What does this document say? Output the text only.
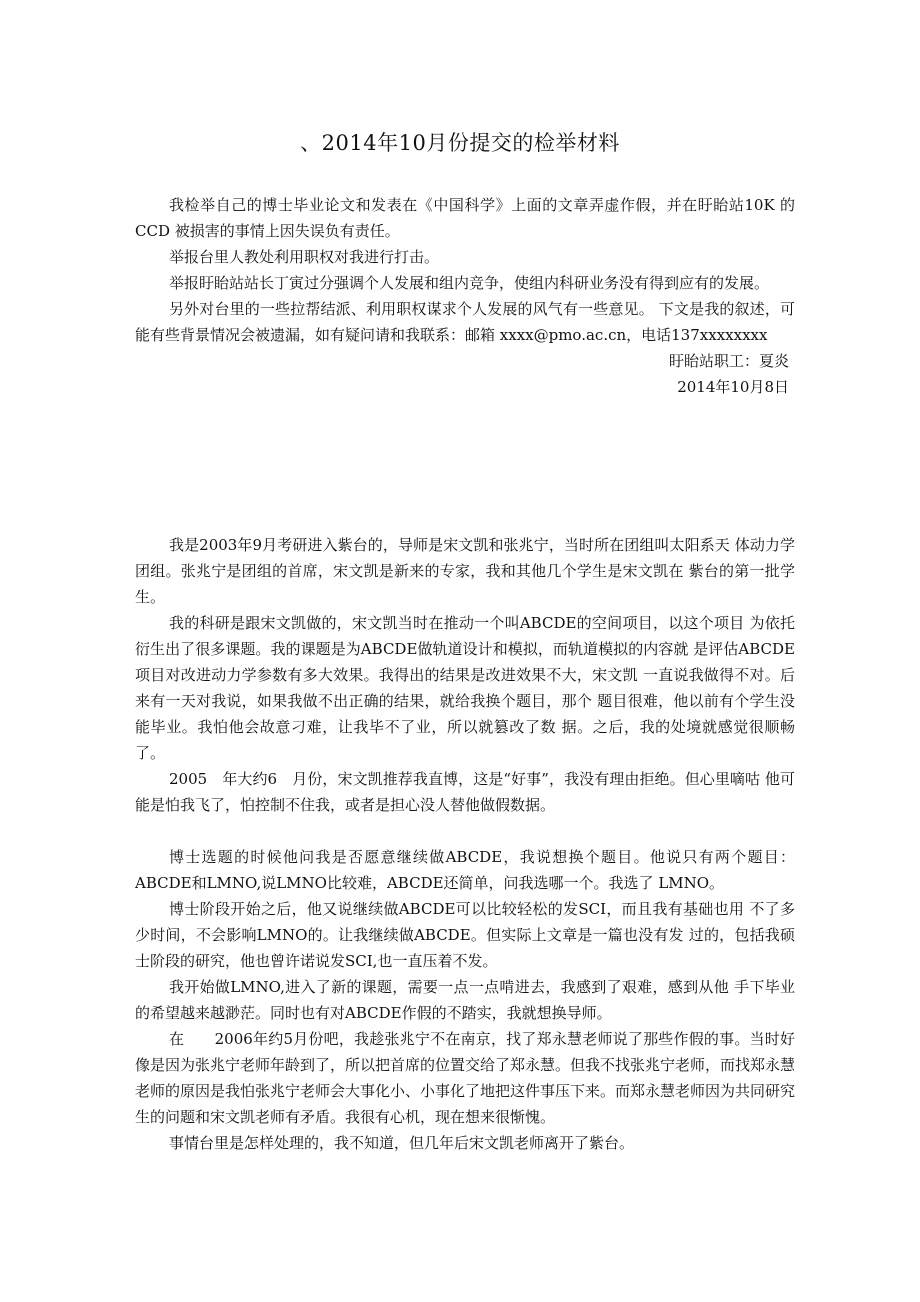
、2014年10月份提交的检举材料

我检举自己的博士毕业论文和发表在《中国科学》上面的文章弄虚作假，并在盱眙站10K 的 CCD 被损害的事情上因失误负有责任。

举报台里人教处利用职权对我进行打击。

举报盱眙站站长丁寅过分强调个人发展和组内竞争，使组内科研业务没有得到应有的发展。

另外对台里的一些拉帮结派、利用职权谋求个人发展的风气有一些意见。 下文是我的叙述，可能有些背景情况会被遗漏，如有疑问请和我联系：邮箱 xxxx@pmo.ac.cn，电话137xxxxxxxx

盱眙站职工：夏炎

2014年10月8日

我是2003年9月考研进入紫台的，导师是宋文凯和张兆宁，当时所在团组叫太阳系天 体动力学团组。张兆宁是团组的首席，宋文凯是新来的专家，我和其他几个学生是宋文凯在 紫台的第一批学生。

我的科研是跟宋文凯做的，宋文凯当时在推动一个叫ABCDE的空间项目，以这个项目 为依托衍生出了很多课题。我的课题是为ABCDE做轨道设计和模拟，而轨道模拟的内容就 是评估ABCDE项目对改进动力学参数有多大效果。我得出的结果是改进效果不大，宋文凯 一直说我做得不对。后来有一天对我说，如果我做不出正确的结果，就给我换个题目，那个 题目很难，他以前有个学生没能毕业。我怕他会故意刁难，让我毕不了业，所以就篡改了数 据。之后，我的处境就感觉很顺畅了。

2005　年大约6　月份，宋文凯推荐我直博，这是“好事”，我没有理由拒绝。但心里嘀咕 他可能是怕我飞了，怕控制不住我，或者是担心没人替他做假数据。

博士选题的时候他问我是否愿意继续做ABCDE，我说想换个题目。他说只有两个题目：ABCDE和LMNO,说LMNO比较难，ABCDE还简单，问我选哪一个。我选了 LMNO。

博士阶段开始之后，他又说继续做ABCDE可以比较轻松的发SCI，而且我有基础也用 不了多少时间，不会影响LMNO的。让我继续做ABCDE。但实际上文章是一篇也没有发 过的，包括我硕士阶段的研究，他也曾许诺说发SCI,也一直压着不发。

我开始做LMNO,进入了新的课题，需要一点一点啃进去，我感到了艰难，感到从他 手下毕业的希望越来越渺茫。同时也有对ABCDE作假的不踏实，我就想换导师。

在　　2006年约5月份吧，我趁张兆宁不在南京，找了郑永慧老师说了那些作假的事。当时好像是因为张兆宁老师年龄到了，所以把首席的位置交给了郑永慧。但我不找张兆宁老师，而找郑永慧老师的原因是我怕张兆宁老师会大事化小、小事化了地把这件事压下来。而郑永慧老师因为共同研究生的问题和宋文凯老师有矛盾。我很有心机，现在想来很惭愧。

事情台里是怎样处理的，我不知道，但几年后宋文凯老师离开了紫台。
